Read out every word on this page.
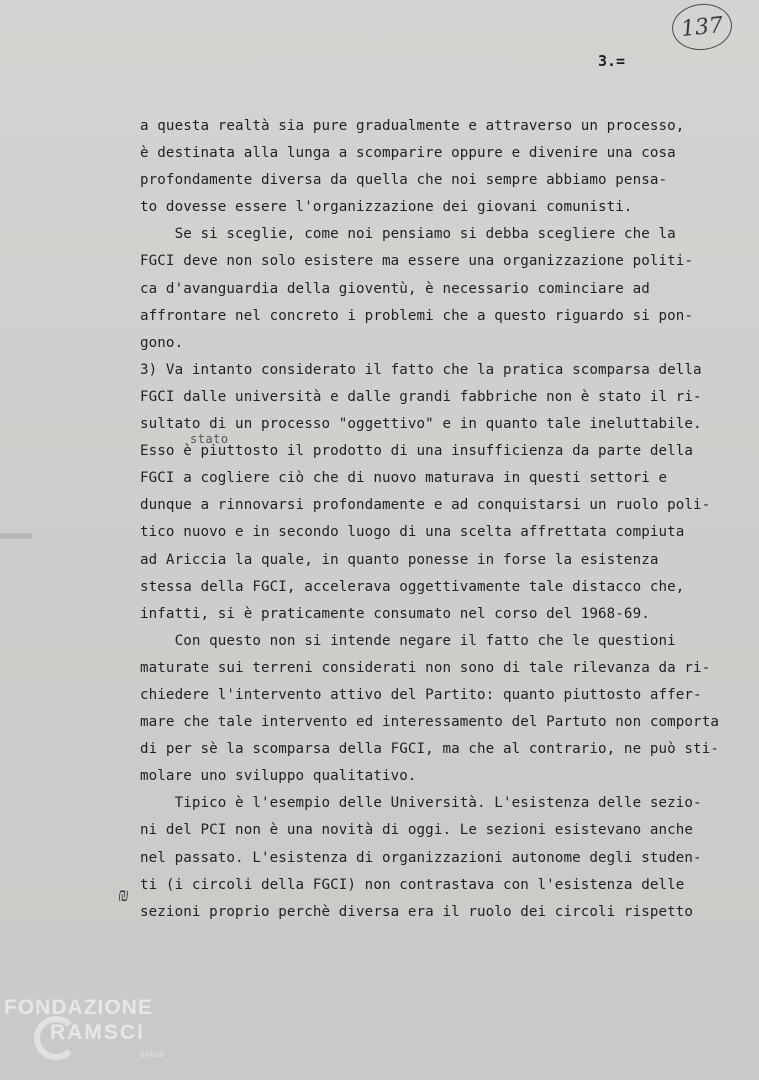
137
3.=
stato
₪
a questa realtà sia pure gradualmente e attraverso un processo,
è destinata alla lunga a scomparire oppure e divenire una cosa
profondamente diversa da quella che noi sempre abbiamo pensa-
to dovesse essere l'organizzazione dei giovani comunisti.
Se si sceglie, come noi pensiamo si debba scegliere che la
FGCI deve non solo esistere ma essere una organizzazione politi-
ca d'avanguardia della gioventù, è necessario cominciare ad
affrontare nel concreto i problemi che a questo riguardo si pon-
gono.
3) Va intanto considerato il fatto che la pratica scomparsa della
FGCI dalle università e dalle grandi fabbriche non è stato il ri-
sultato di un processo "oggettivo" e in quanto tale ineluttabile.
Esso è piuttosto il prodotto di una insufficienza da parte della
FGCI a cogliere ciò che di nuovo maturava in questi settori e
dunque a rinnovarsi profondamente e ad conquistarsi un ruolo poli-
tico nuovo e in secondo luogo di una scelta affrettata compiuta
ad Ariccia la quale, in quanto ponesse in forse la esistenza
stessa della FGCI, accelerava oggettivamente tale distacco che,
infatti, si è praticamente consumato nel corso del 1968-69.
Con questo non si intende negare il fatto che le questioni
maturate sui terreni considerati non sono di tale rilevanza da ri-
chiedere l'intervento attivo del Partito: quanto piuttosto affer-
mare che tale intervento ed interessamento del Partuto non comporta
di per sè la scomparsa della FGCI, ma che al contrario, ne può sti-
molare uno sviluppo qualitativo.
Tipico è l'esempio delle Università. L'esistenza delle sezio-
ni del PCI non è una novità di oggi. Le sezioni esistevano anche
nel passato. L'esistenza di organizzazioni autonome degli studen-
ti (i circoli della FGCI) non contrastava con l'esistenza delle
sezioni proprio perchè diversa era il ruolo dei circoli rispetto
FONDAZIONE
RAMSCI
onlus
